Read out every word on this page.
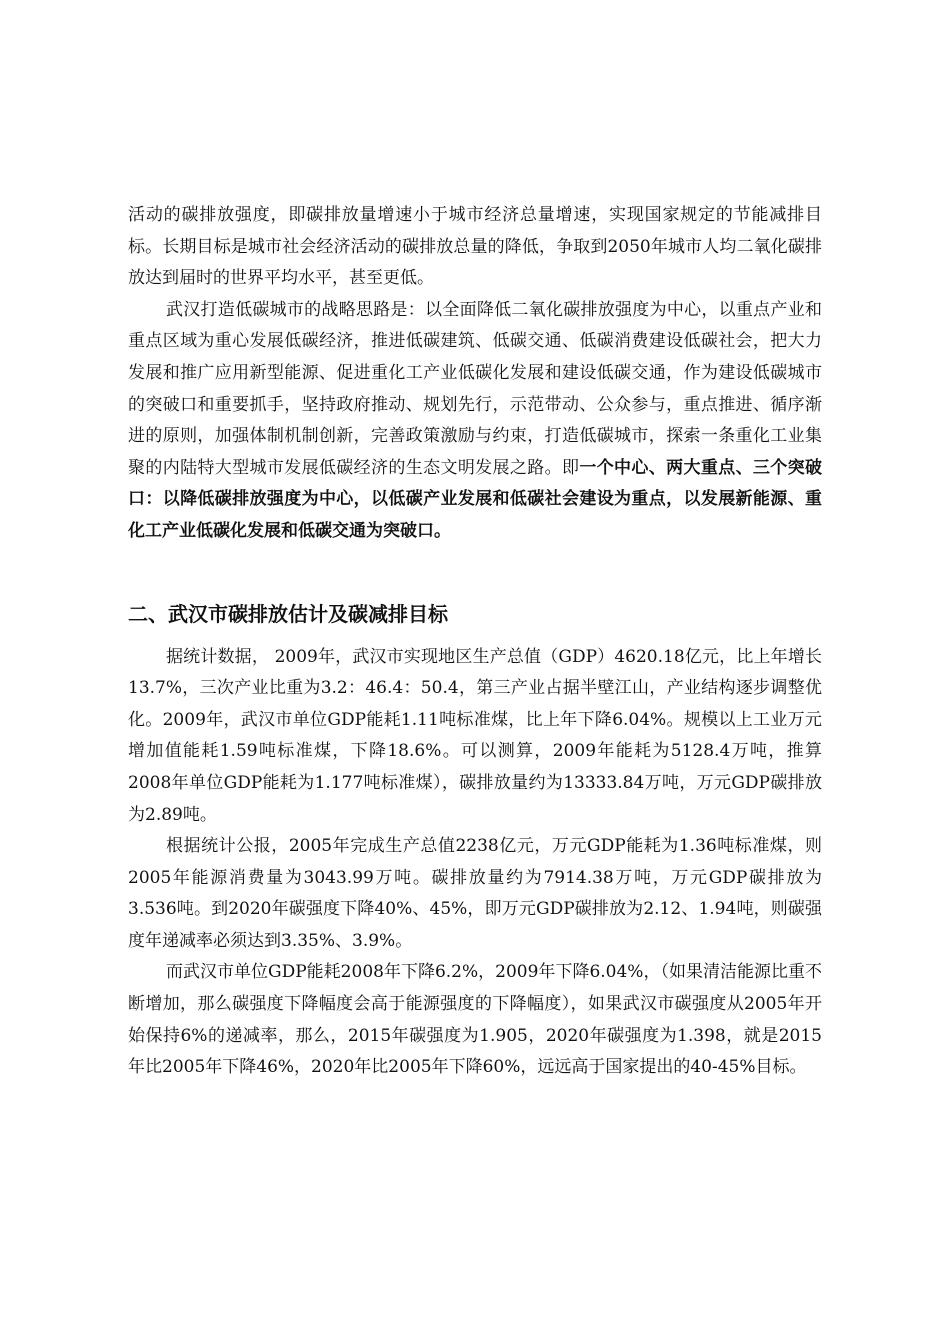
活动的碳排放强度，即碳排放量增速小于城市经济总量增速，实现国家规定的节能减排目标。长期目标是城市社会经济活动的碳排放总量的降低，争取到2050年城市人均二氧化碳排放达到届时的世界平均水平，甚至更低。

武汉打造低碳城市的战略思路是：以全面降低二氧化碳排放强度为中心，以重点产业和重点区域为重心发展低碳经济，推进低碳建筑、低碳交通、低碳消费建设低碳社会，把大力发展和推广应用新型能源、促进重化工产业低碳化发展和建设低碳交通，作为建设低碳城市的突破口和重要抓手，坚持政府推动、规划先行，示范带动、公众参与，重点推进、循序渐进的原则，加强体制机制创新，完善政策激励与约束，打造低碳城市，探索一条重化工业集聚的内陆特大型城市发展低碳经济的生态文明发展之路。即一个中心、两大重点、三个突破口：以降低碳排放强度为中心，以低碳产业发展和低碳社会建设为重点，以发展新能源、重化工产业低碳化发展和低碳交通为突破口。

二、武汉市碳排放估计及碳减排目标

据统计数据， 2009年，武汉市实现地区生产总值（GDP）4620.18亿元，比上年增长13.7%，三次产业比重为3.2：46.4：50.4，第三产业占据半壁江山，产业结构逐步调整优化。2009年，武汉市单位GDP能耗1.11吨标准煤，比上年下降6.04%。规模以上工业万元增加值能耗1.59吨标准煤，下降18.6%。可以测算，2009年能耗为5128.4万吨，推算2008年单位GDP能耗为1.177吨标准煤），碳排放量约为13333.84万吨，万元GDP碳排放为2.89吨。

根据统计公报，2005年完成生产总值2238亿元，万元GDP能耗为1.36吨标准煤，则2005年能源消费量为3043.99万吨。碳排放量约为7914.38万吨，万元GDP碳排放为3.536吨。到2020年碳强度下降40%、45%，即万元GDP碳排放为2.12、1.94吨，则碳强度年递减率必须达到3.35%、3.9%。

而武汉市单位GDP能耗2008年下降6.2%，2009年下降6.04%，（如果清洁能源比重不断增加，那么碳强度下降幅度会高于能源强度的下降幅度），如果武汉市碳强度从2005年开始保持6%的递减率，那么，2015年碳强度为1.905，2020年碳强度为1.398，就是2015年比2005年下降46%，2020年比2005年下降60%，远远高于国家提出的40-45%目标。
